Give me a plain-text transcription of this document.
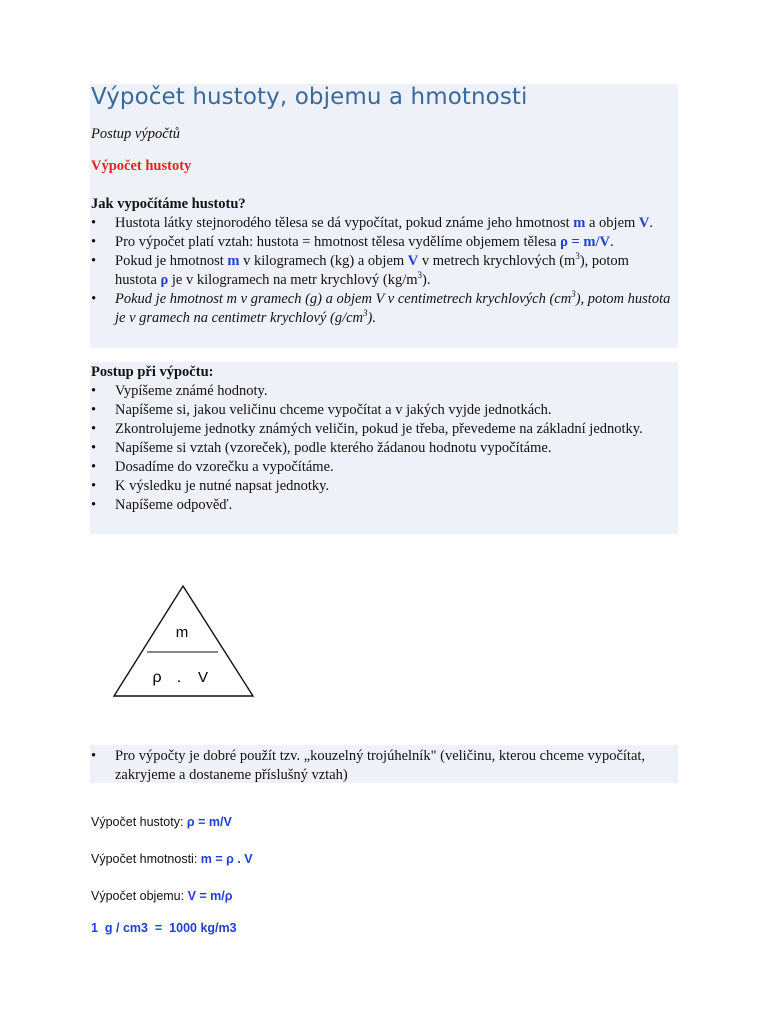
Výpočet hustoty, objemu a hmotnosti
Postup výpočtů
Výpočet hustoty
Jak vypočítáme hustotu?
• Hustota látky stejnorodého tělesa se dá vypočítat, pokud známe jeho hmotnost m a objem V.
• Pro výpočet platí vztah: hustota = hmotnost tělesa vydělíme objemem tělesa ρ = m/V.
• Pokud je hmotnost m v kilogramech (kg) a objem V v metrech krychlových $(m^3)$, potom hustota ρ je v kilogramech na metr krychlový $(kg/m^3)$.
• Pokud je hmotnost m v gramech (g) a objem V v centimetrech krychlových $(cm^3)$, potom hustota je v gramech na centimetr krychlový $(g/cm^3)$.
Postup při výpočtu:
• Vypíšeme známé hodnoty.
• Napíšeme si, jakou veličinu chceme vypočítat a v jakých vyjde jednotkách.
• Zkontrolujeme jednotky známých veličin, pokud je třeba, převedeme na základní jednotky.
• Napíšeme si vztah (vzoreček), podle kterého žádanou hodnotu vypočítáme.
• Dosadíme do vzorečku a vypočítáme.
• K výsledku je nutné napsat jednotky.
• Napíšeme odpověď.
m
ρ . V
• Pro výpočty je dobré použít tzv. „kouzelný trojúhelník" (veličinu, kterou chceme vypočítat, zakryjeme a dostaneme příslušný vztah)
Výpočet hustoty: ρ = m/V
Výpočet hmotnosti: m = ρ . V
Výpočet objemu: V = m/ρ
1  g / cm3  =  1000 kg/m3
